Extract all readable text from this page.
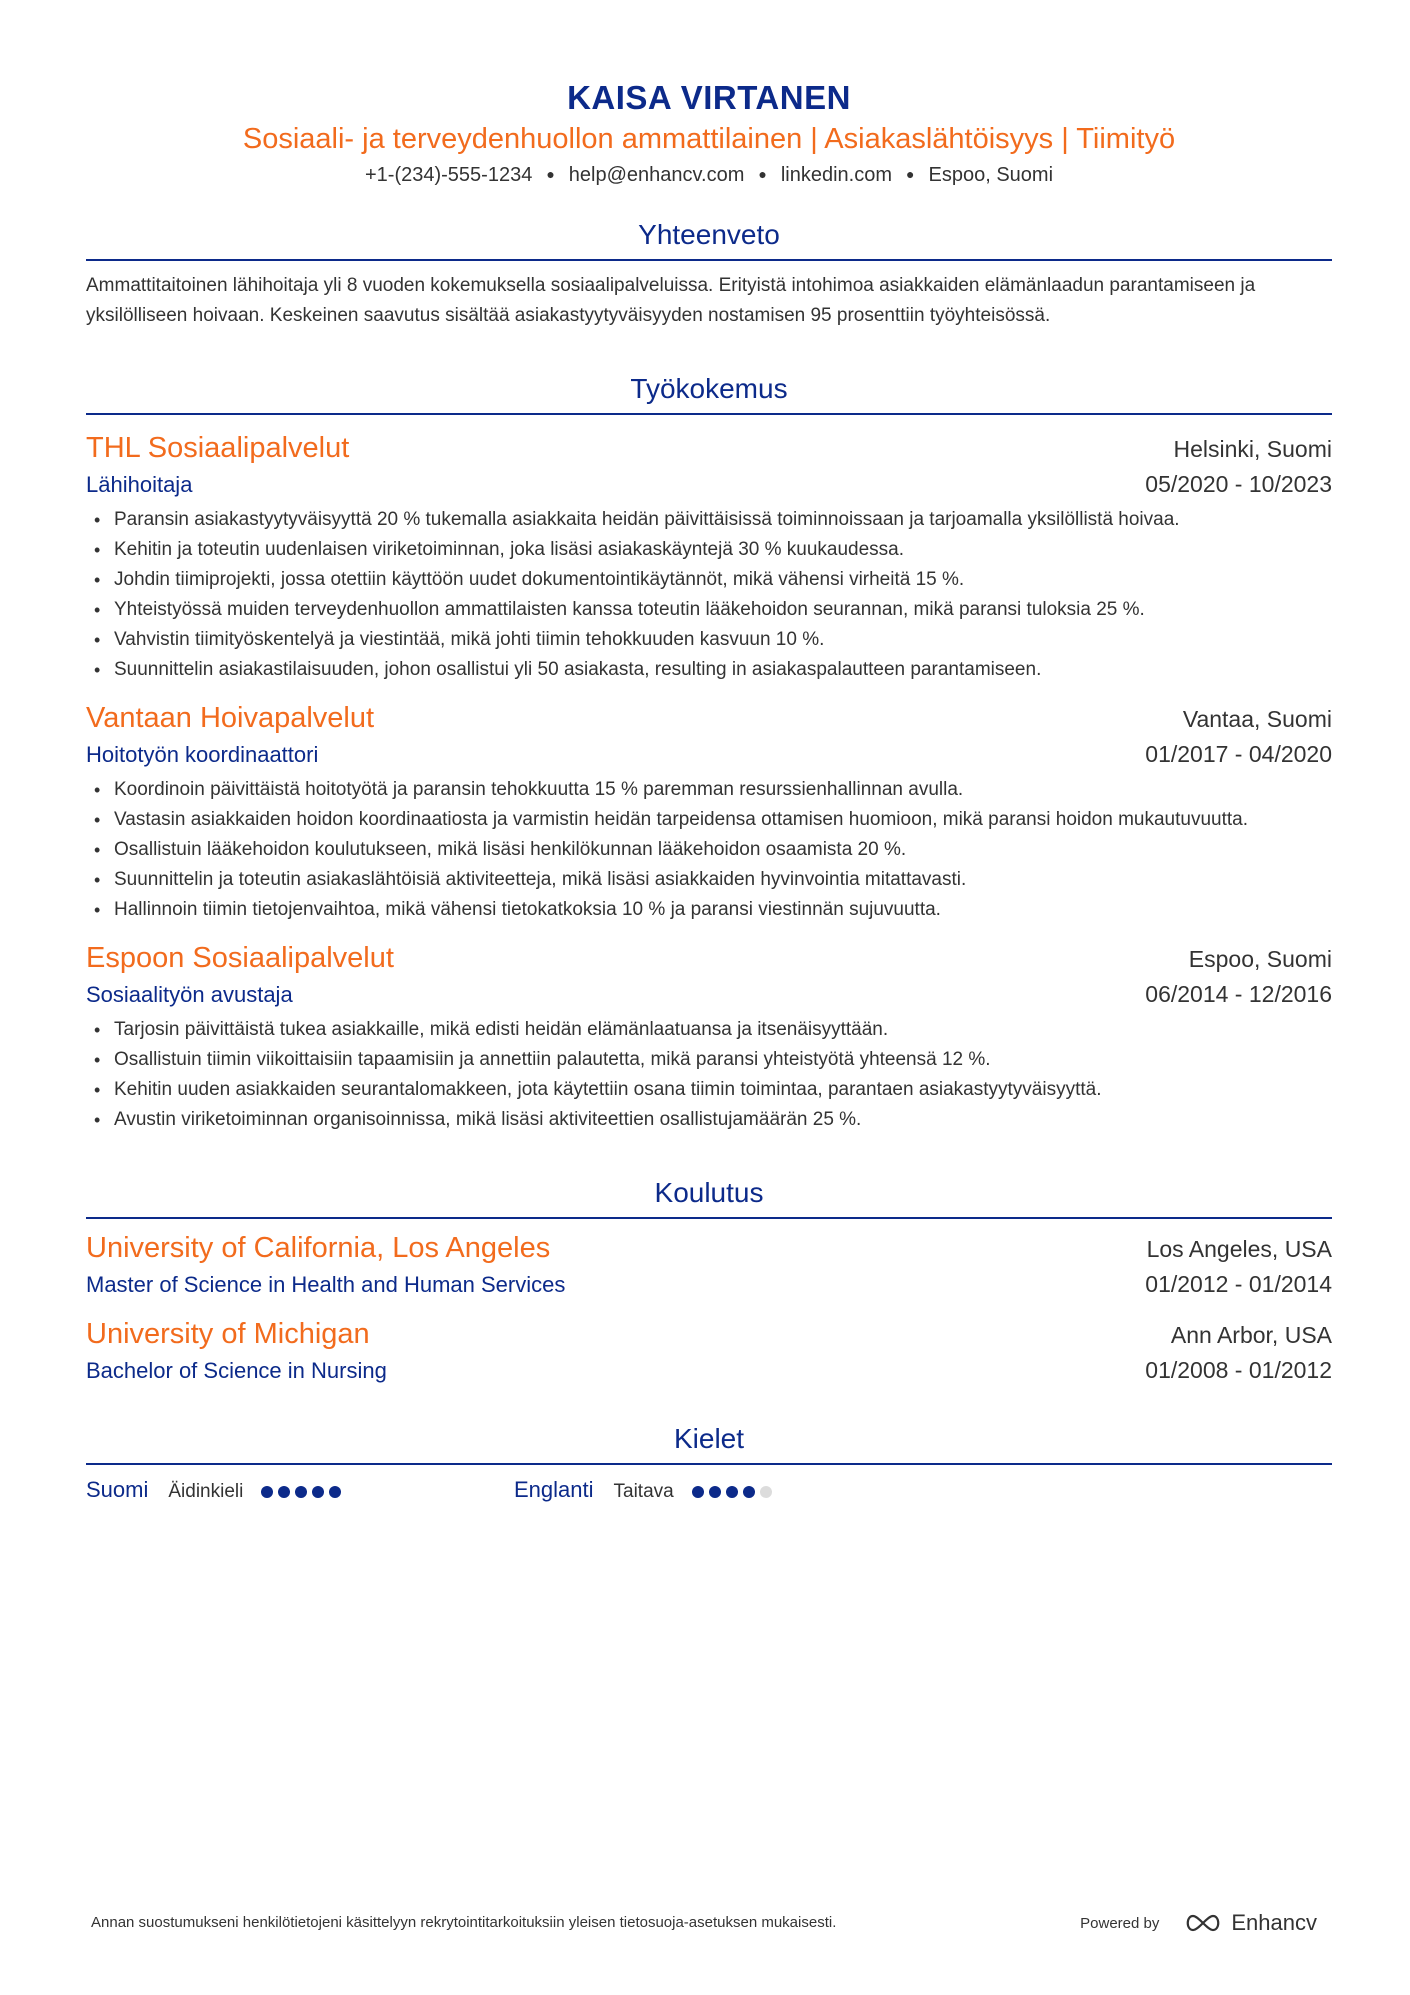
KAISA VIRTANEN
Sosiaali- ja terveydenhuollon ammattilainen | Asiakaslähtöisyys | Tiimityö
+1-(234)-555-1234 ● help@enhancv.com ● linkedin.com ● Espoo, Suomi
Yhteenveto
Ammattitaitoinen lähihoitaja yli 8 vuoden kokemuksella sosiaalipalveluissa. Erityistä intohimoa asiakkaiden elämänlaadun parantamiseen ja yksilölliseen hoivaan. Keskeinen saavutus sisältää asiakastyytyväisyyden nostamisen 95 prosenttiin työyhteisössä.
Työkokemus
THL Sosiaalipalvelut	Helsinki, Suomi
Lähihoitaja	05/2020 - 10/2023
• Paransin asiakastyytyväisyyttä 20 % tukemalla asiakkaita heidän päivittäisissä toiminnoissaan ja tarjoamalla yksilöllistä hoivaa.
• Kehitin ja toteutin uudenlaisen viriketoiminnan, joka lisäsi asiakaskäyntejä 30 % kuukaudessa.
• Johdin tiimiprojekti, jossa otettiin käyttöön uudet dokumentointikäytännöt, mikä vähensi virheitä 15 %.
• Yhteistyössä muiden terveydenhuollon ammattilaisten kanssa toteutin lääkehoidon seurannan, mikä paransi tuloksia 25 %.
• Vahvistin tiimityöskentelyä ja viestintää, mikä johti tiimin tehokkuuden kasvuun 10 %.
• Suunnittelin asiakastilaisuuden, johon osallistui yli 50 asiakasta, resulting in asiakaspalautteen parantamiseen.
Vantaan Hoivapalvelut	Vantaa, Suomi
Hoitotyön koordinaattori	01/2017 - 04/2020
• Koordinoin päivittäistä hoitotyötä ja paransin tehokkuutta 15 % paremman resurssienhallinnan avulla.
• Vastasin asiakkaiden hoidon koordinaatiosta ja varmistin heidän tarpeidensa ottamisen huomioon, mikä paransi hoidon mukautuvuutta.
• Osallistuin lääkehoidon koulutukseen, mikä lisäsi henkilökunnan lääkehoidon osaamista 20 %.
• Suunnittelin ja toteutin asiakaslähtöisiä aktiviteetteja, mikä lisäsi asiakkaiden hyvinvointia mitattavasti.
• Hallinnoin tiimin tietojenvaihtoa, mikä vähensi tietokatkoksia 10 % ja paransi viestinnän sujuvuutta.
Espoon Sosiaalipalvelut	Espoo, Suomi
Sosiaalityön avustaja	06/2014 - 12/2016
• Tarjosin päivittäistä tukea asiakkaille, mikä edisti heidän elämänlaatuansa ja itsenäisyyttään.
• Osallistuin tiimin viikoittaisiin tapaamisiin ja annettiin palautetta, mikä paransi yhteistyötä yhteensä 12 %.
• Kehitin uuden asiakkaiden seurantalomakkeen, jota käytettiin osana tiimin toimintaa, parantaen asiakastyytyväisyyttä.
• Avustin viriketoiminnan organisoinnissa, mikä lisäsi aktiviteettien osallistujamäärän 25 %.
Koulutus
University of California, Los Angeles	Los Angeles, USA
Master of Science in Health and Human Services	01/2012 - 01/2014
University of Michigan	Ann Arbor, USA
Bachelor of Science in Nursing	01/2008 - 01/2012
Kielet
Suomi Äidinkieli	Englanti Taitava
Annan suostumukseni henkilötietojeni käsittelyyn rekrytointitarkoituksiin yleisen tietosuoja-asetuksen mukaisesti.	Powered by	Enhancv
